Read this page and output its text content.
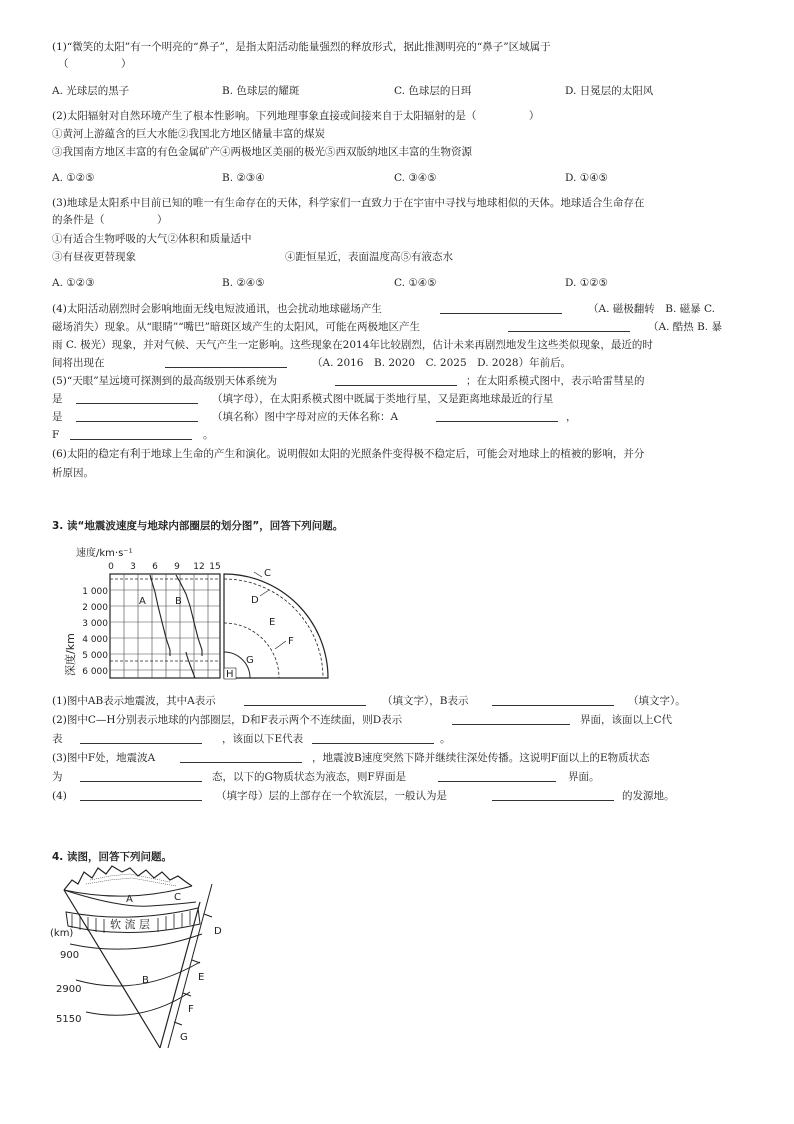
(1)“微笑的太阳”有一个明亮的“鼻子”，是指太阳活动能量强烈的释放形式，据此推测明亮的“鼻子”区域属于
（　　　　　）
A. 光球层的黑子	B. 色球层的耀斑	C. 色球层的日珥	D. 日冕层的太阳风
(2)太阳辐射对自然环境产生了根本性影响。下列地理事象直接或间接来自于太阳辐射的是（　　　　　）
①黄河上游蕴含的巨大水能②我国北方地区储量丰富的煤炭
③我国南方地区丰富的有色金属矿产④两极地区美丽的极光⑤西双版纳地区丰富的生物资源
A. ①②⑤	B. ②③④	C. ③④⑤	D. ①④⑤
(3)地球是太阳系中目前已知的唯一有生命存在的天体，科学家们一直致力于在宇宙中寻找与地球相似的天体。地球适合生命存在
的条件是（　　　　　）
①有适合生物呼吸的大气②体积和质量适中
③有昼夜更替现象	④距恒星近，表面温度高⑤有液态水
A. ①②③	B. ②④⑤	C. ①④⑤	D. ①②⑤
(4)太阳活动剧烈时会影响地面无线电短波通讯，也会扰动地球磁场产生	（A. 磁极翻转　B. 磁暴 C.
磁场消失）现象。从“眼睛”“嘴巴”暗斑区域产生的太阳风，可能在两极地区产生	（A. 酷热 B. 暴
雨 C. 极光）现象，并对气候、天气产生一定影响。这些现象在2014年比较剧烈，估计未来再剧烈地发生这些类似现象，最近的时
间将出现在	（A. 2016　B. 2020　C. 2025　D. 2028）年前后。
(5)“天眼”星远境可探测到的最高级别天体系统为	；在太阳系模式图中，表示哈雷彗星的
是	（填字母），在太阳系模式图中既属于类地行星，又是距离地球最近的行星
是	（填名称）图中字母对应的天体名称：A	，
F	。
(6)太阳的稳定有利于地球上生命的产生和演化。说明假如太阳的光照条件变得极不稳定后，可能会对地球上的植被的影响，并分
析原因。
3. 读“地震波速度与地球内部圈层的划分图”，回答下列问题。
速度/km·s⁻¹
0 3 6 9 12 15
1 000
2 000
3 000
4 000
5 000
6 000
深度/km
A	B
C
D
E
F
G
H
(1)图中AB表示地震波，其中A表示	（填文字），B表示	（填文字）。
(2)图中C—H分别表示地球的内部圈层，D和F表示两个不连续面，则D表示	界面，该面以上C代
表	，该面以下E代表	。
(3)图中F处，地震波A	，地震波B速度突然下降并继续往深处传播。这说明F面以上的E物质状态
为	态，以下的G物质状态为液态，则F界面是	界面。
(4)	（填字母）层的上部存在一个软流层，一般认为是	的发源地。
4. 读图，回答下列问题。
A	C
软 流 层
(km)
900
B
2900
5150
D
E
F
G
